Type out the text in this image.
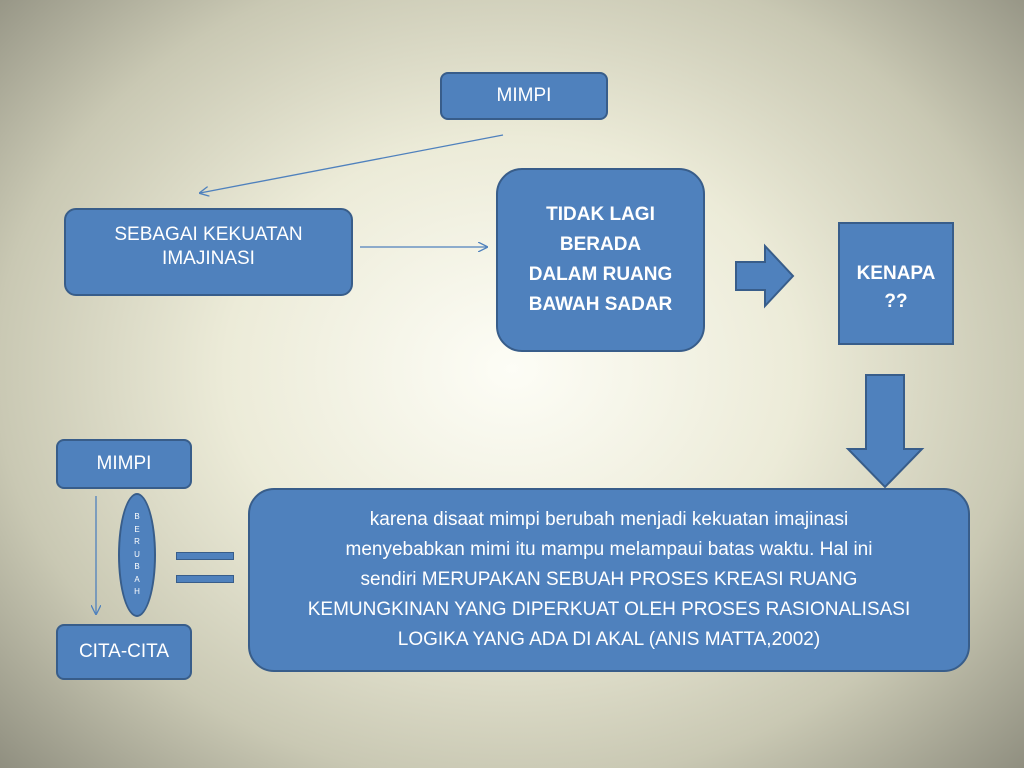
MIMPI
SEBAGAI KEKUATAN
IMAJINASI
TIDAK LAGI
BERADA
DALAM RUANG
BAWAH SADAR
KENAPA
??
MIMPI
CITA-CITA
B
E
R
U
B
A
H
karena disaat mimpi berubah menjadi kekuatan imajinasi
menyebabkan mimi itu mampu melampaui batas waktu. Hal ini
sendiri MERUPAKAN SEBUAH PROSES KREASI RUANG
KEMUNGKINAN YANG DIPERKUAT OLEH PROSES RASIONALISASI
LOGIKA YANG ADA DI AKAL (ANIS MATTA,2002)
